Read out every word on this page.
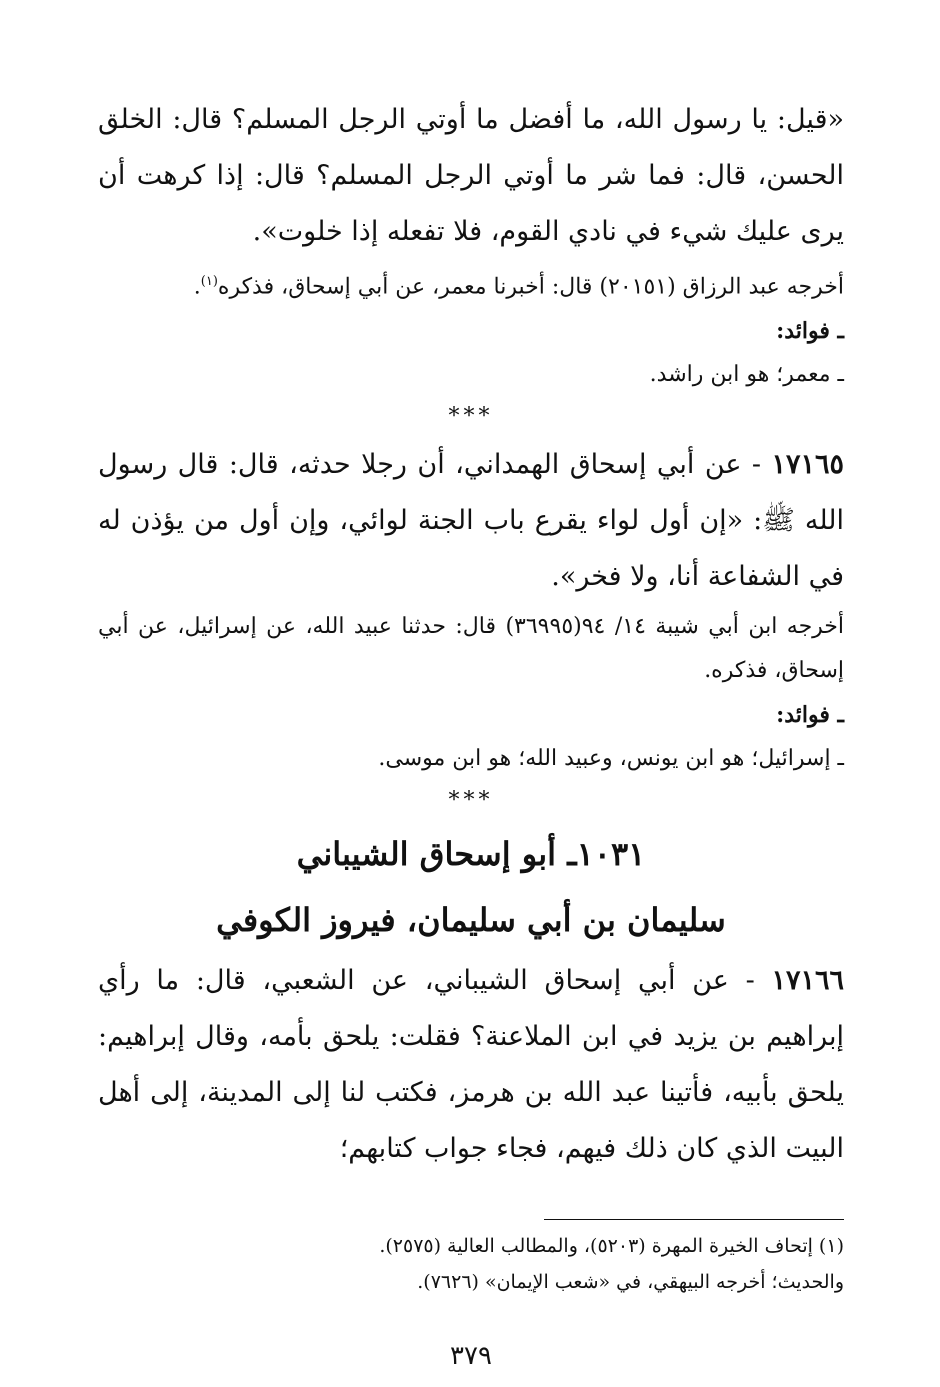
«قيل: يا رسول الله، ما أفضل ما أوتي الرجل المسلم؟ قال: الخلق الحسن، قال: فما شر ما أوتي الرجل المسلم؟ قال: إذا كرهت أن يرى عليك شيء في نادي القوم، فلا تفعله إذا خلوت».

أخرجه عبد الرزاق (٢٠١٥١) قال: أخبرنا معمر، عن أبي إسحاق، فذكره$^{(١)}$.

ـ فوائد:

ـ معمر؛ هو ابن راشد.

***

١٧١٦٥ - عن أبي إسحاق الهمداني، أن رجلا حدثه، قال: قال رسول الله ﷺ: «إن أول لواء يقرع باب الجنة لوائي، وإن أول من يؤذن له في الشفاعة أنا، ولا فخر».

أخرجه ابن أبي شيبة ١٤/ ٩٤(٣٦٩٩٥) قال: حدثنا عبيد الله، عن إسرائيل، عن أبي إسحاق، فذكره.

ـ فوائد:

ـ إسرائيل؛ هو ابن يونس، وعبيد الله؛ هو ابن موسى.

***

١٠٣١ـ أبو إسحاق الشيباني

سليمان بن أبي سليمان، فيروز الكوفي

١٧١٦٦ - عن أبي إسحاق الشيباني، عن الشعبي، قال: ما رأي إبراهيم بن يزيد في ابن الملاعنة؟ فقلت: يلحق بأمه، وقال إبراهيم: يلحق بأبيه، فأتينا عبد الله بن هرمز، فكتب لنا إلى المدينة، إلى أهل البيت الذي كان ذلك فيهم، فجاء جواب كتابهم؛

(١) إتحاف الخيرة المهرة (٥٢٠٣)، والمطالب العالية (٢٥٧٥).

والحديث؛ أخرجه البيهقي، في «شعب الإيمان» (٧٦٢٦).

٣٧٩
